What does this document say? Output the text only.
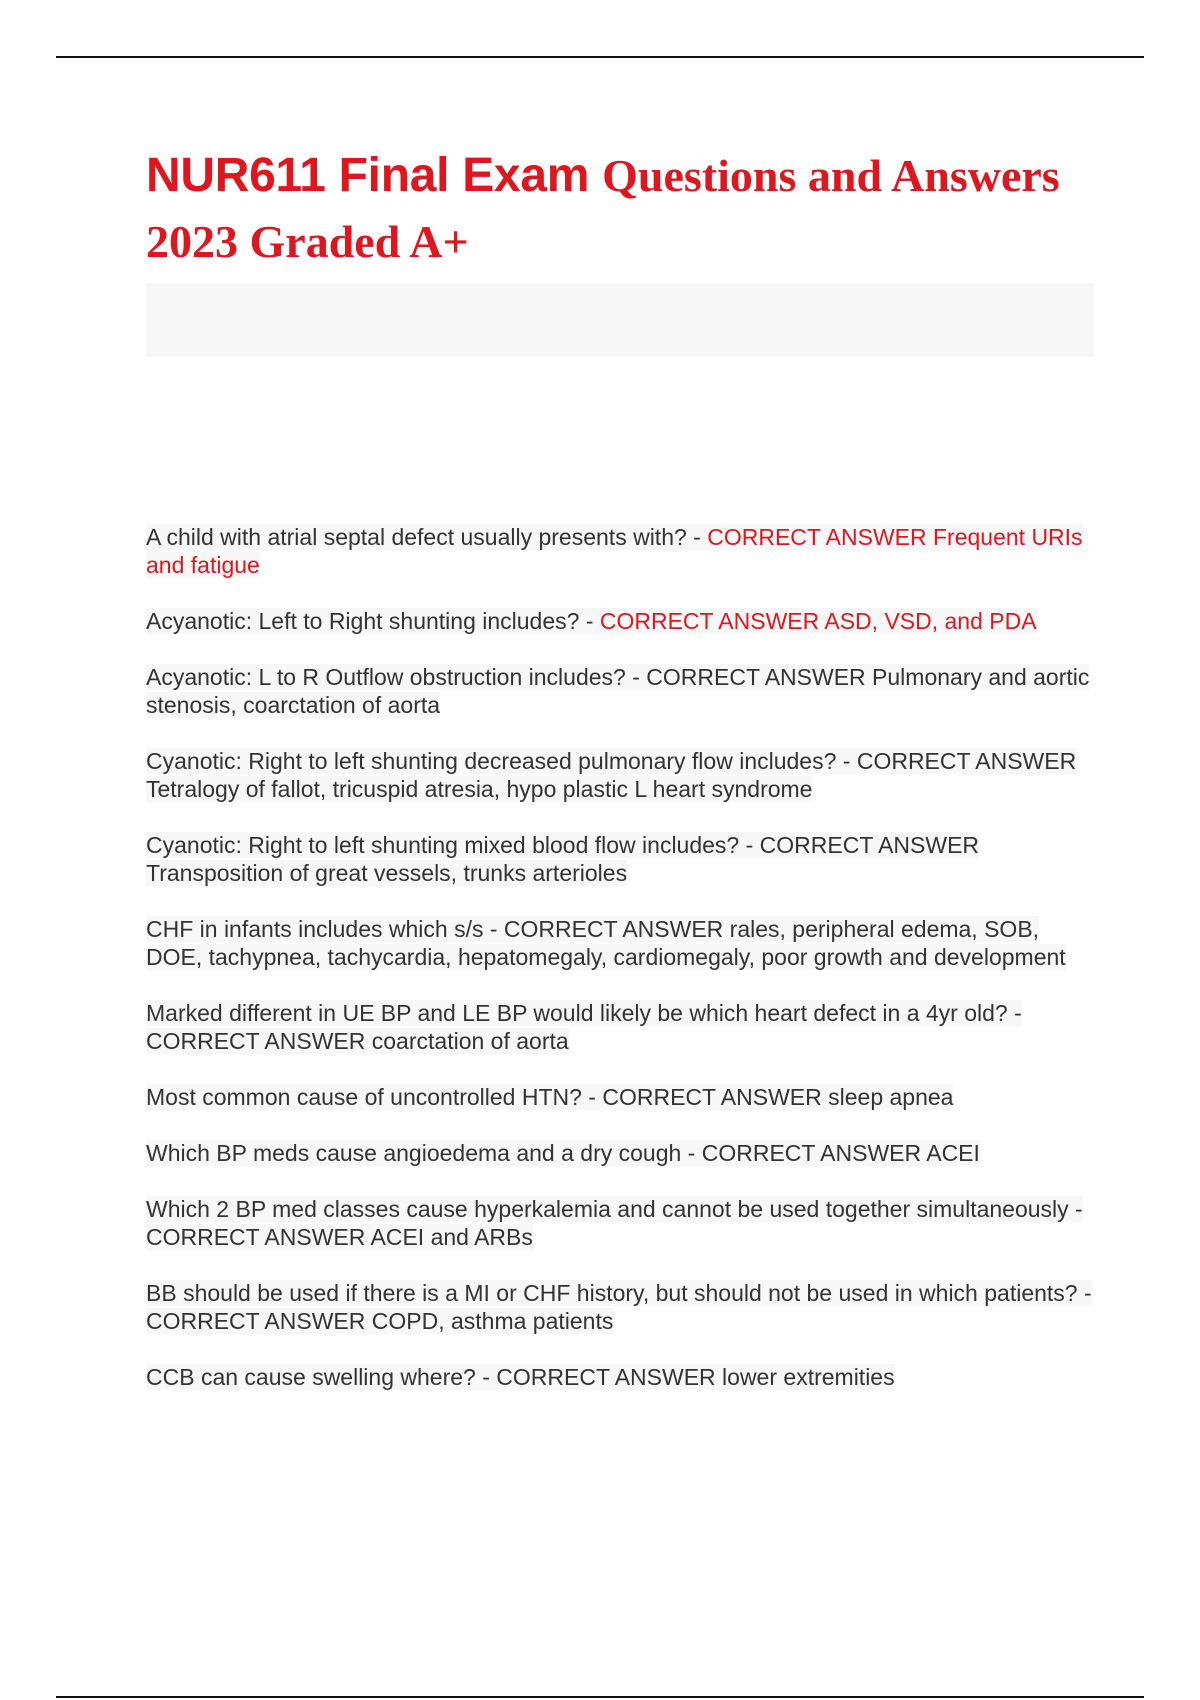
NUR611 Final Exam Questions and Answers 2023 Graded A+

A child with atrial septal defect usually presents with? - CORRECT ANSWER Frequent URIs and fatigue

Acyanotic: Left to Right shunting includes? - CORRECT ANSWER ASD, VSD, and PDA

Acyanotic: L to R Outflow obstruction includes? - CORRECT ANSWER Pulmonary and aortic stenosis, coarctation of aorta

Cyanotic: Right to left shunting decreased pulmonary flow includes? - CORRECT ANSWER Tetralogy of fallot, tricuspid atresia, hypo plastic L heart syndrome

Cyanotic: Right to left shunting mixed blood flow includes? - CORRECT ANSWER Transposition of great vessels, trunks arterioles

CHF in infants includes which s/s - CORRECT ANSWER rales, peripheral edema, SOB, DOE, tachypnea, tachycardia, hepatomegaly, cardiomegaly, poor growth and development

Marked different in UE BP and LE BP would likely be which heart defect in a 4yr old? - CORRECT ANSWER coarctation of aorta

Most common cause of uncontrolled HTN? - CORRECT ANSWER sleep apnea

Which BP meds cause angioedema and a dry cough - CORRECT ANSWER ACEI

Which 2 BP med classes cause hyperkalemia and cannot be used together simultaneously - CORRECT ANSWER ACEI and ARBs

BB should be used if there is a MI or CHF history, but should not be used in which patients? - CORRECT ANSWER COPD, asthma patients

CCB can cause swelling where? - CORRECT ANSWER lower extremities
